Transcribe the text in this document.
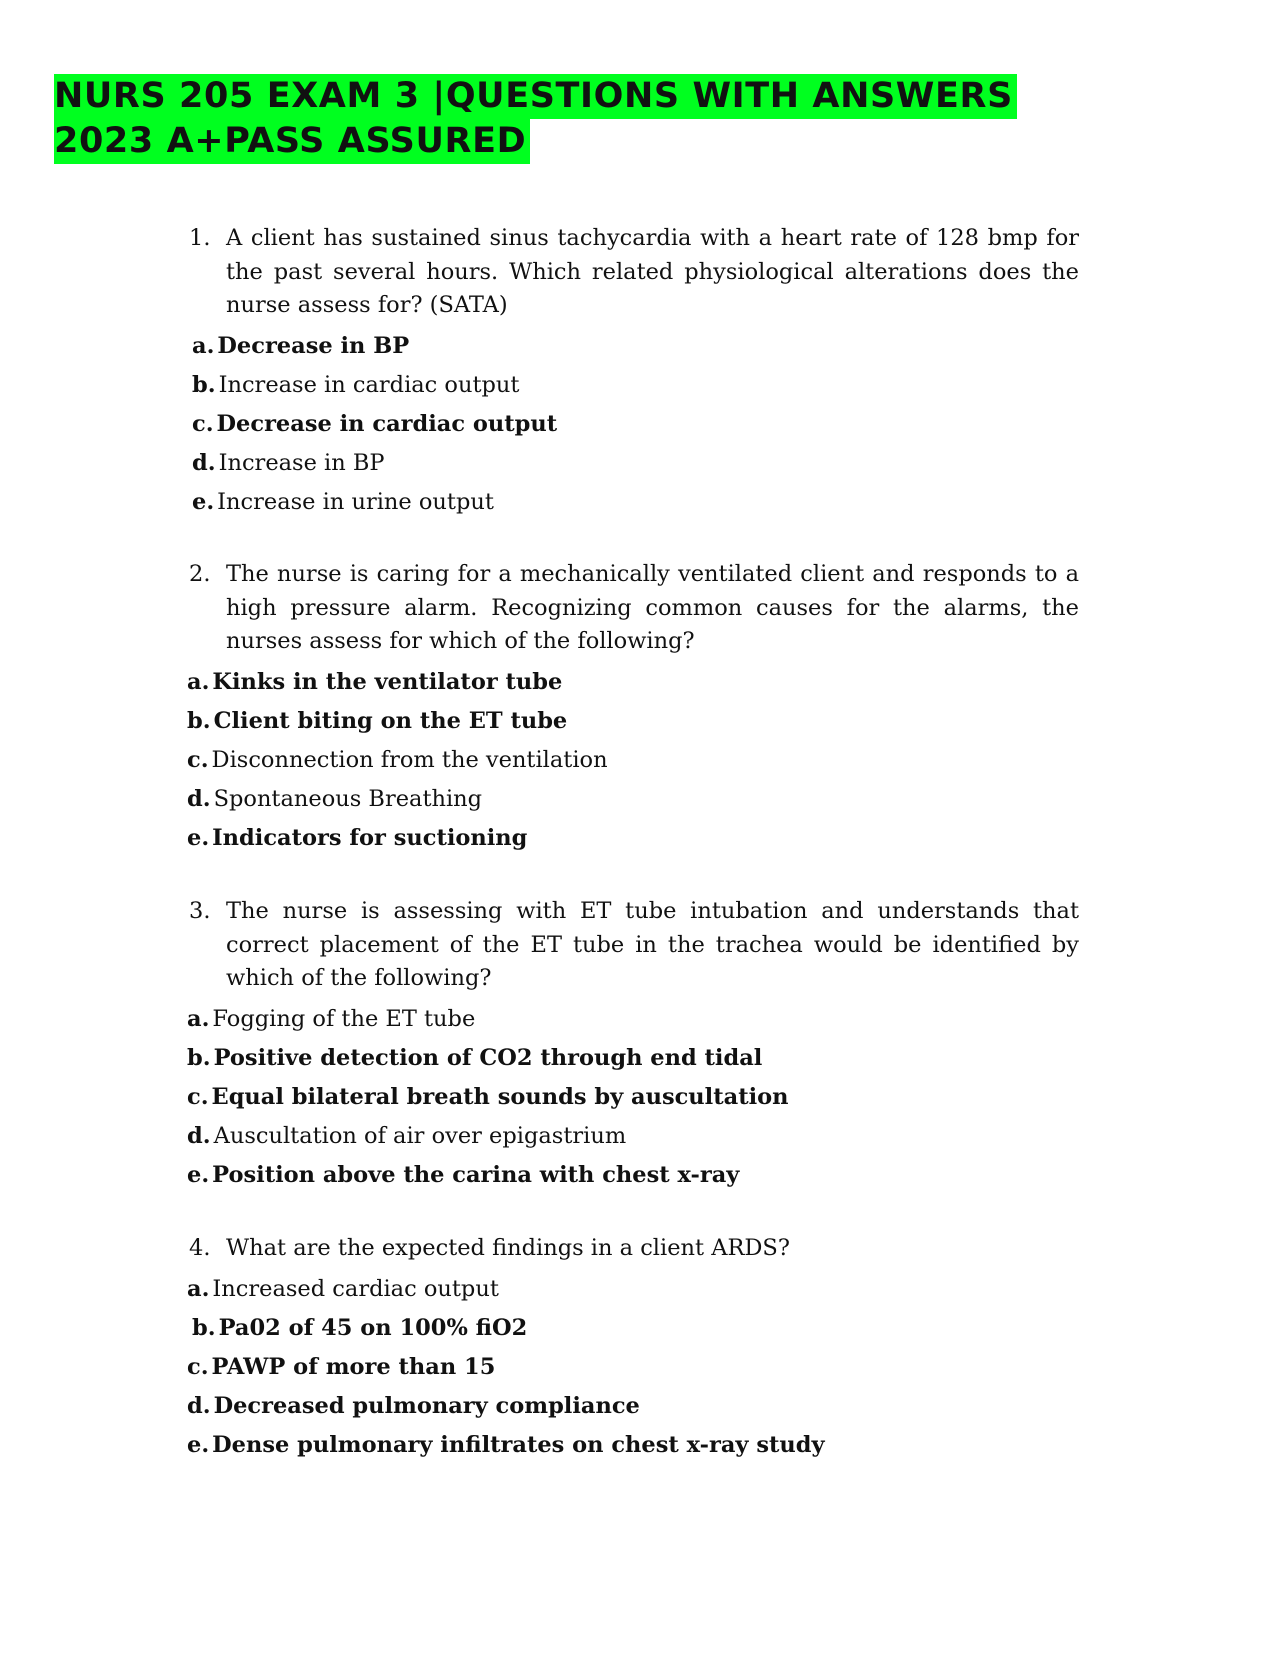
NURS 205 EXAM 3 |QUESTIONS WITH ANSWERS
2023 A+PASS ASSURED
1. A client has sustained sinus tachycardia with a heart rate of 128 bmp for the past several hours. Which related physiological alterations does the nurse assess for? (SATA)
a. Decrease in BP
b. Increase in cardiac output
c. Decrease in cardiac output
d. Increase in BP
e. Increase in urine output
2. The nurse is caring for a mechanically ventilated client and responds to a high pressure alarm. Recognizing common causes for the alarms, the nurses assess for which of the following?
a. Kinks in the ventilator tube
b. Client biting on the ET tube
c. Disconnection from the ventilation
d. Spontaneous Breathing
e. Indicators for suctioning
3. The nurse is assessing with ET tube intubation and understands that correct placement of the ET tube in the trachea would be identified by which of the following?
a. Fogging of the ET tube
b. Positive detection of CO2 through end tidal
c. Equal bilateral breath sounds by auscultation
d. Auscultation of air over epigastrium
e. Position above the carina with chest x-ray
4. What are the expected findings in a client ARDS?
a. Increased cardiac output
b. Pa02 of 45 on 100% fiO2
c. PAWP of more than 15
d. Decreased pulmonary compliance
e. Dense pulmonary infiltrates on chest x-ray study
